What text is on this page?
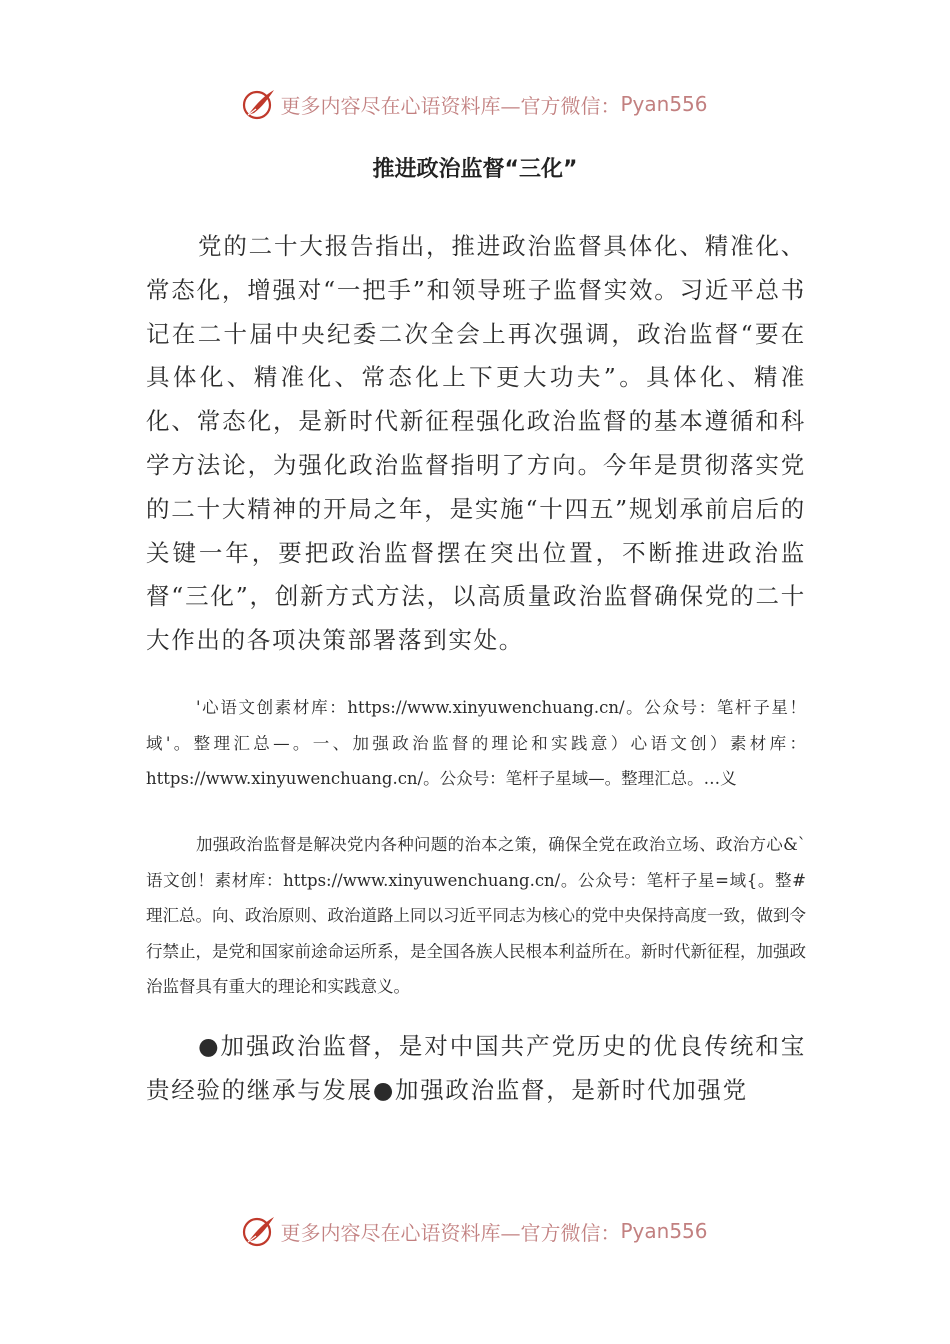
更多内容尽在心语资料库—官方微信： Pyan556
推进政治监督“三化”

党的二十大报告指出，推进政治监督具体化、精准化、常态化，增强对“一把手”和领导班子监督实效。习近平总书记在二十届中央纪委二次全会上再次强调，政治监督“要在具体化、精准化、常态化上下更大功夫”。具体化、精准化、常态化，是新时代新征程强化政治监督的基本遵循和科学方法论，为强化政治监督指明了方向。今年是贯彻落实党的二十大精神的开局之年，是实施“十四五”规划承前启后的关键一年，要把政治监督摆在突出位置，不断推进政治监督“三化”，创新方式方法，以高质量政治监督确保党的二十大作出的各项决策部署落到实处。

'心语文创素材库：https://www.xinyuwenchuang.cn/。公众号：笔杆子星！域'。整理汇总—。一、加强政治监督的理论和实践意）心语文创）素材库：https://www.xinyuwenchuang.cn/。公众号：笔杆子星域—。整理汇总。…义

加强政治监督是解决党内各种问题的治本之策，确保全党在政治立场、政治方心&`语文创！素材库：https://www.xinyuwenchuang.cn/。公众号：笔杆子星=域{。整#理汇总。向、政治原则、政治道路上同以习近平同志为核心的党中央保持高度一致，做到令行禁止，是党和国家前途命运所系，是全国各族人民根本利益所在。新时代新征程，加强政治监督具有重大的理论和实践意义。

●加强政治监督，是对中国共产党历史的优良传统和宝贵经验的继承与发展●加强政治监督，是新时代加强党

更多内容尽在心语资料库—官方微信： Pyan556
